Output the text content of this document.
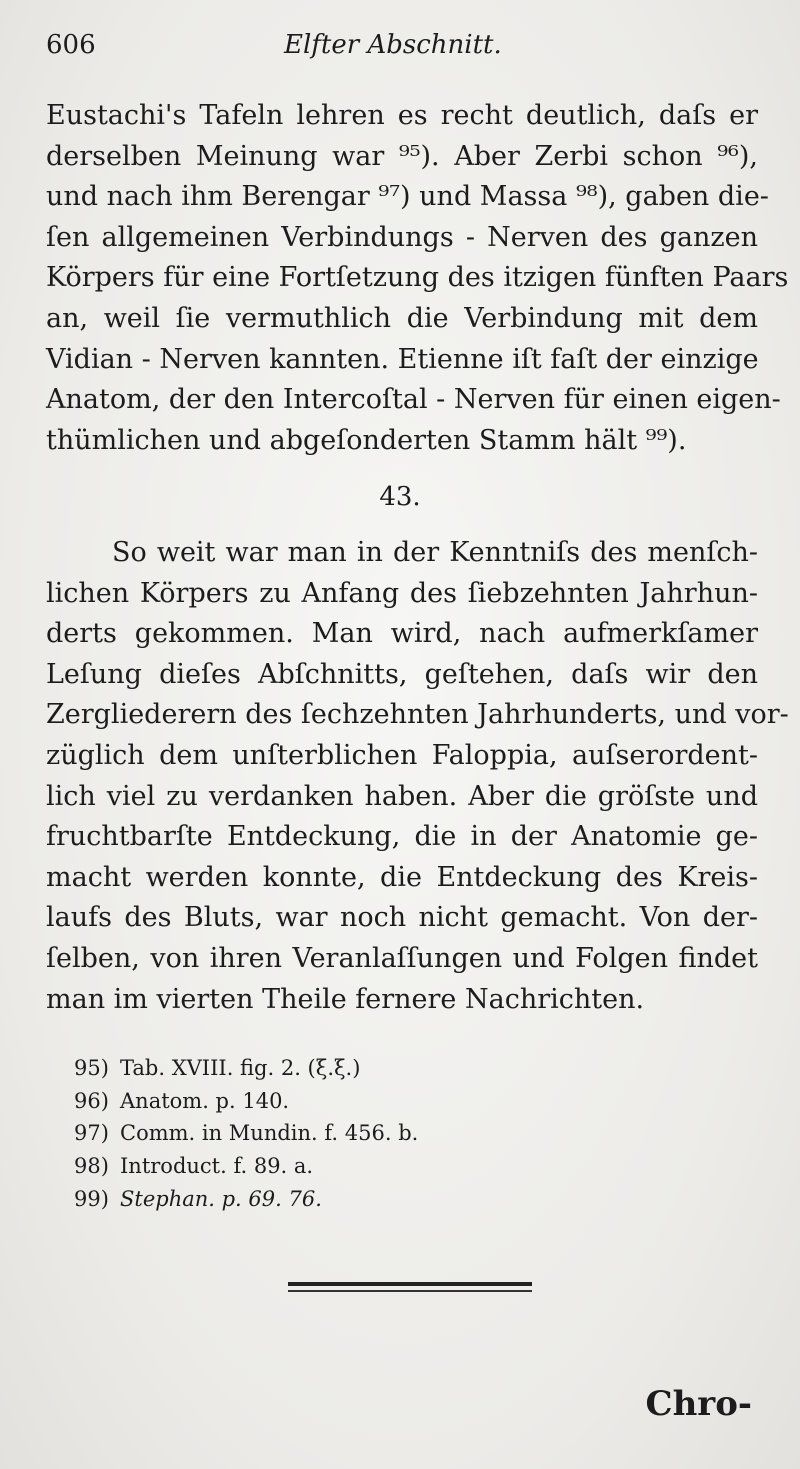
606	Elfter Abschnitt.
Eustachi's Tafeln lehren es recht deutlich, daſs er
derselben Meinung war ⁹⁵). Aber Zerbi schon ⁹⁶),
und nach ihm Berengar ⁹⁷) und Massa ⁹⁸), gaben die-
ſen allgemeinen Verbindungs - Nerven des ganzen
Körpers für eine Fortſetzung des itzigen fünften Paars
an, weil ſie vermuthlich die Verbindung mit dem
Vidian - Nerven kannten. Etienne iſt faſt der einzige
Anatom, der den Intercoſtal - Nerven für einen eigen-
thümlichen und abgeſonderten Stamm hält ⁹⁹).
43.
So weit war man in der Kenntniſs des menſch-
lichen Körpers zu Anfang des ſiebzehnten Jahrhun-
derts gekommen. Man wird, nach aufmerkſamer
Leſung dieſes Abſchnitts, geſtehen, daſs wir den
Zergliederern des ſechzehnten Jahrhunderts, und vor-
züglich dem unſterblichen Faloppia, auſserordent-
lich viel zu verdanken haben. Aber die gröſste und
fruchtbarſte Entdeckung, die in der Anatomie ge-
macht werden konnte, die Entdeckung des Kreis-
laufs des Bluts, war noch nicht gemacht. Von der-
ſelben, von ihren Veranlaſſungen und Folgen findet
man im vierten Theile fernere Nachrichten.
95) Tab. XVIII. fig. 2. (ξ.ξ.)
96) Anatom. p. 140.
97) Comm. in Mundin. f. 456. b.
98) Introduct. f. 89. a.
99) Stephan. p. 69. 76.
Chro-
